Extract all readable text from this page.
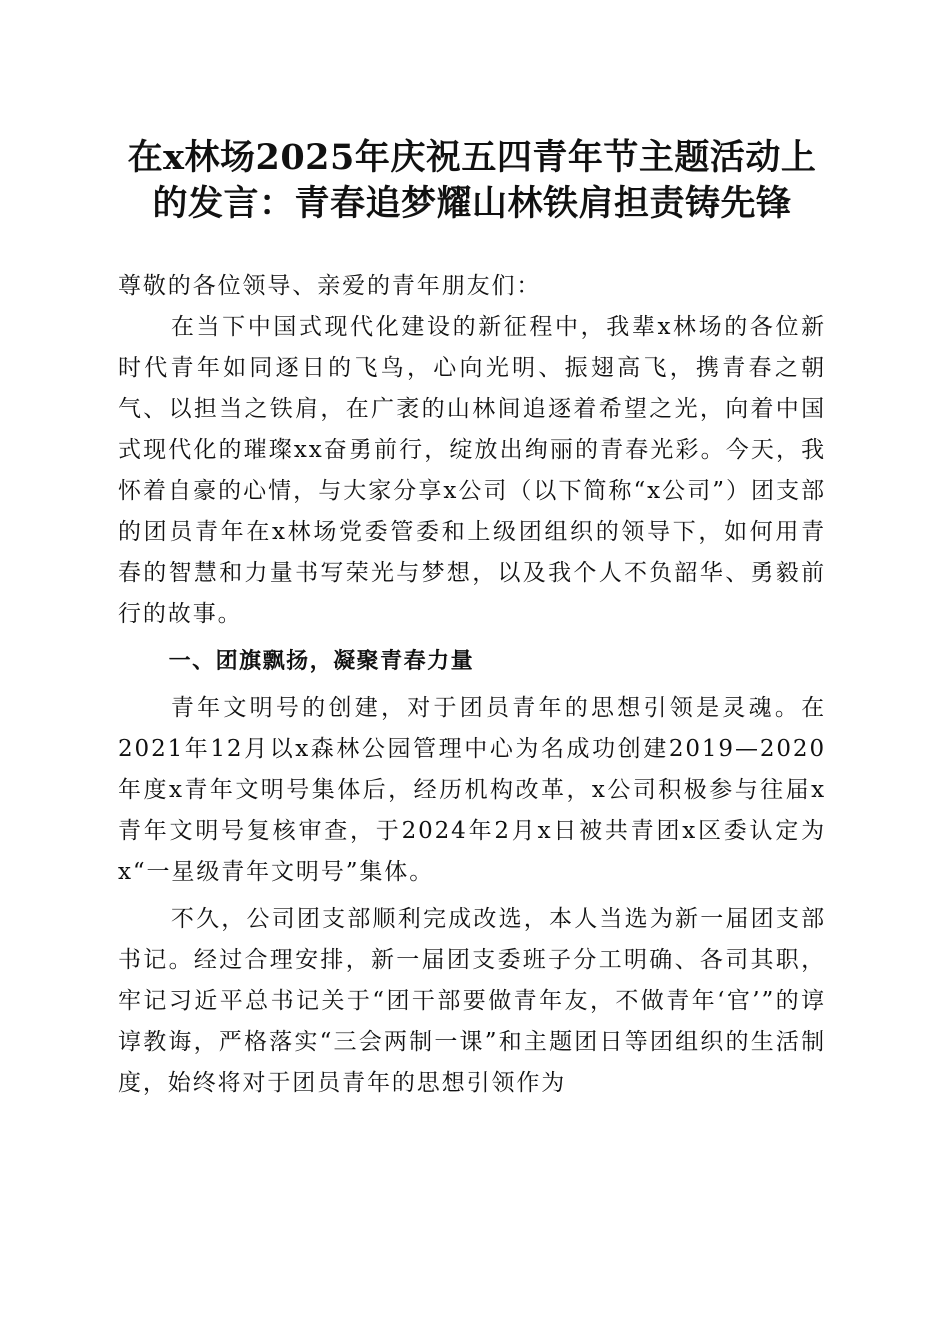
在x林场2025年庆祝五四青年节主题活动上
的发言：青春追梦耀山林铁肩担责铸先锋

尊敬的各位领导、亲爱的青年朋友们：

在当下中国式现代化建设的新征程中，我辈x林场的各位新时代青年如同逐日的飞鸟，心向光明、振翅高飞，携青春之朝气、以担当之铁肩，在广袤的山林间追逐着希望之光，向着中国式现代化的璀璨xx奋勇前行，绽放出绚丽的青春光彩。今天，我怀着自豪的心情，与大家分享x公司（以下简称“x公司”）团支部的团员青年在x林场党委管委和上级团组织的领导下，如何用青春的智慧和力量书写荣光与梦想，以及我个人不负韶华、勇毅前行的故事。

一、团旗飘扬，凝聚青春力量

青年文明号的创建，对于团员青年的思想引领是灵魂。在2021年12月以x森林公园管理中心为名成功创建2019—2020年度x青年文明号集体后，经历机构改革，x公司积极参与往届x青年文明号复核审查，于2024年2月x日被共青团x区委认定为x“一星级青年文明号”集体。

不久，公司团支部顺利完成改选，本人当选为新一届团支部书记。经过合理安排，新一届团支委班子分工明确、各司其职，牢记习近平总书记关于“团干部要做青年友，不做青年‘官’”的谆谆教诲，严格落实“三会两制一课”和主题团日等团组织的生活制度，始终将对于团员青年的思想引领作为
